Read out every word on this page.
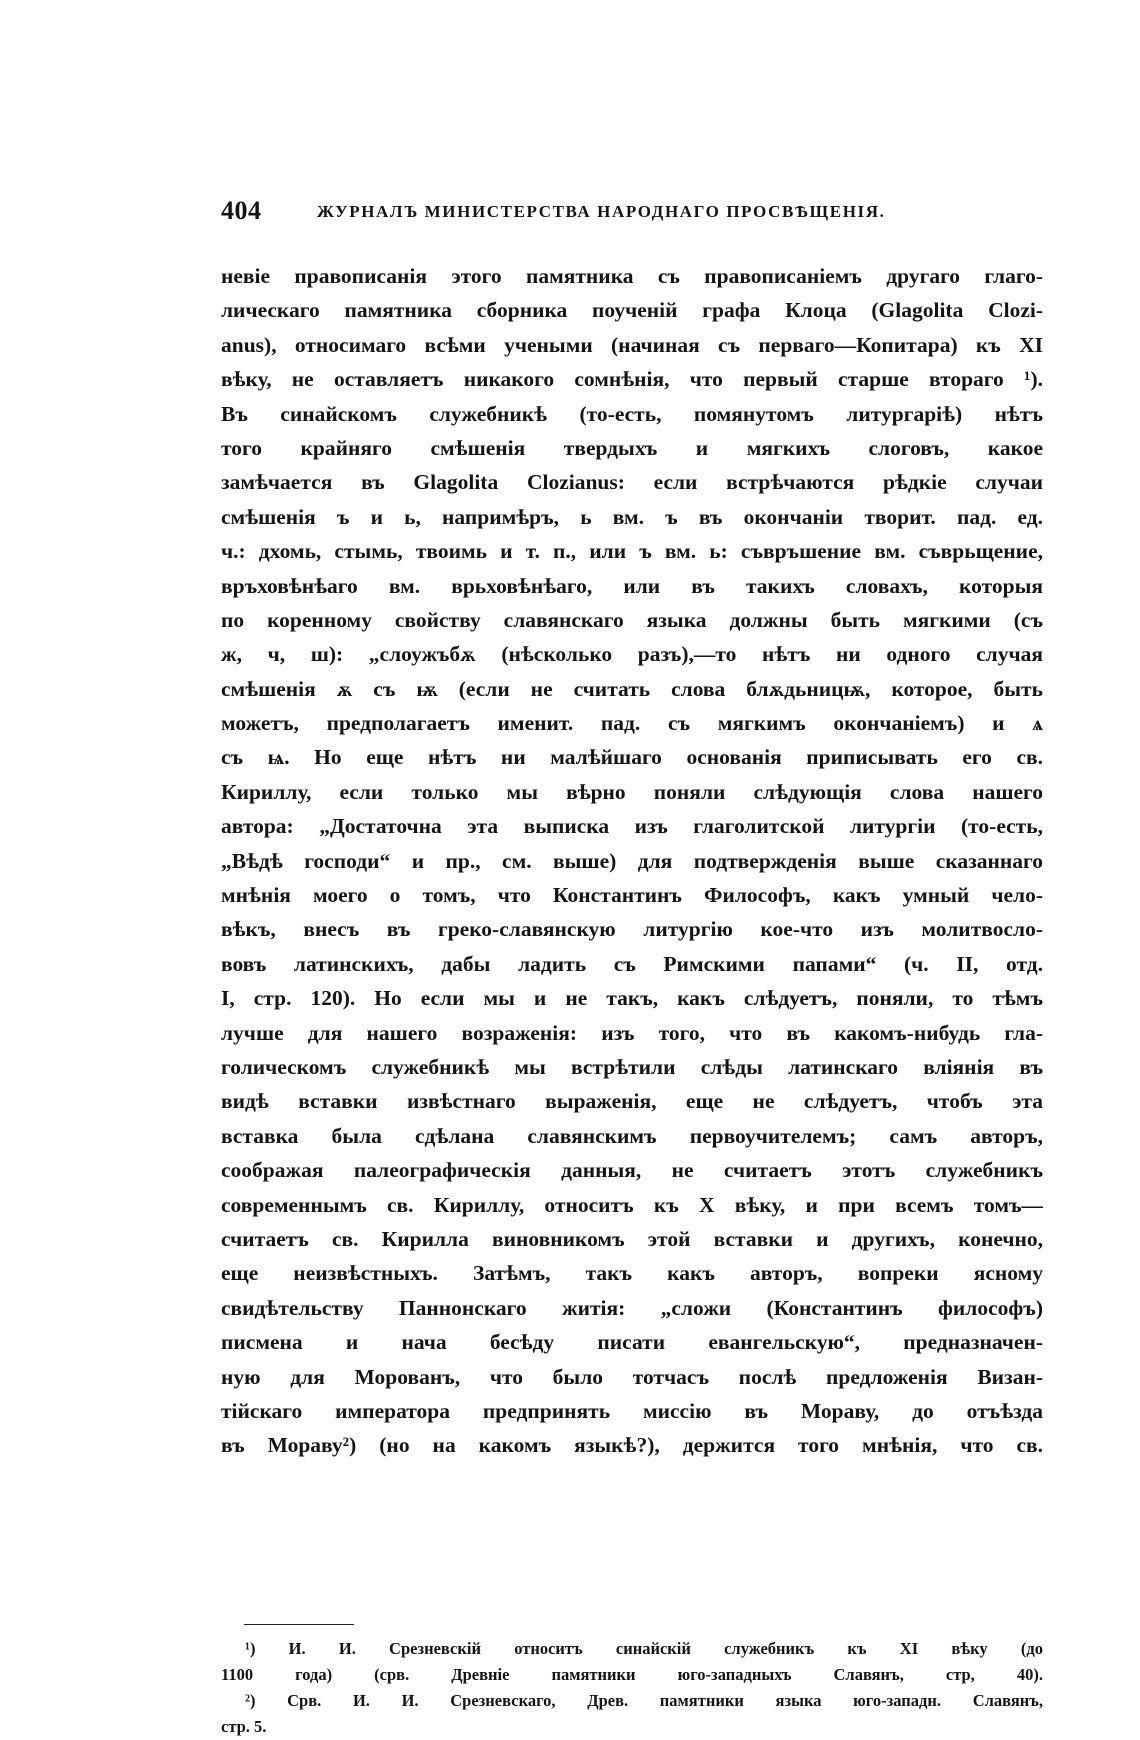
404	ЖУРНАЛЪ МИНИСТЕРСТВА НАРОДНАГО ПРОСВѢЩЕНІЯ.
невіе правописанія этого памятника съ правописаніемъ другаго глаго-
лическаго памятника сборника поученій графа Клоца (Glagolita Clozi-
anus), относимаго всѣми учеными (начиная съ перваго—Копитара) къ XI
вѣку, не оставляетъ никакого сомнѣнія, что первый старше втораго ¹).
Въ синайскомъ служебникѣ (то-есть, помянутомъ литургаріѣ) нѣтъ
того крайняго смѣшенія твердыхъ и мягкихъ слоговъ, какое
замѣчается въ Glagolita Clozianus: если встрѣчаются рѣдкіе случаи
смѣшенія ъ и ь, напримѣръ, ь вм. ъ въ окончаніи творит. пад. ед.
ч.: дхомь, стымь, твоимь и т. п., или ъ вм. ь: съвръшение вм. съврьщение,
връховѣнѣаго вм. врьховѣнѣаго, или въ такихъ словахъ, которыя
по коренному свойству славянскаго языка должны быть мягкими (съ
ж, ч, ш): „слоужъбѫ (нѣсколько разъ),—то нѣтъ ни одного случая
смѣшенія ѫ съ ѭ (если не считать слова блѫдьницѭ, которое, быть
можетъ, предполагаетъ именит. пад. съ мягкимъ окончаніемъ) и ѧ
съ ѩ. Но еще нѣтъ ни малѣйшаго основанія приписывать его св.
Кириллу, если только мы вѣрно поняли слѣдующія слова нашего
автора: „Достаточна эта выписка изъ глаголитской литургіи (то-есть,
„Вѣдѣ господи“ и пр., см. выше) для подтвержденія выше сказаннаго
мнѣнія моего о томъ, что Константинъ Философъ, какъ умный чело-
вѣкъ, внесъ въ греко-славянскую литургію кое-что изъ молитвосло-
вовъ латинскихъ, дабы ладить съ Римскими папами“ (ч. II, отд.
I, стр. 120). Но если мы и не такъ, какъ слѣдуетъ, поняли, то тѣмъ
лучше для нашего возраженія: изъ того, что въ какомъ-нибудь гла-
голическомъ служебникѣ мы встрѣтили слѣды латинскаго вліянія въ
видѣ вставки извѣстнаго выраженія, еще не слѣдуетъ, чтобъ эта
вставка была сдѣлана славянскимъ первоучителемъ; самъ авторъ,
соображая палеографическія данныя, не считаетъ этотъ служебникъ
современнымъ св. Кириллу, относитъ къ X вѣку, и при всемъ томъ—
считаетъ св. Кирилла виновникомъ этой вставки и другихъ, конечно,
еще неизвѣстныхъ. Затѣмъ, такъ какъ авторъ, вопреки ясному
свидѣтельству Паннонскаго житія: „сложи (Константинъ философъ)
писмена и нача бесѣду писати евангельскую“, предназначен-
ную для Морованъ, что было тотчасъ послѣ предложенія Визан-
тійскаго императора предпринять миссію въ Мораву, до отъѣзда
въ Мораву²) (но на какомъ языкѣ?), держится того мнѣнія, что св.
¹) И. И. Срезневскій относитъ синайскій служебникъ къ XI вѣку (до
1100 года) (срв. Древніе памятники юго-западныхъ Славянъ, стр, 40).
²) Срв. И. И. Срезневскаго, Древ. памятники языка юго-западн. Славянъ,
стр. 5.
